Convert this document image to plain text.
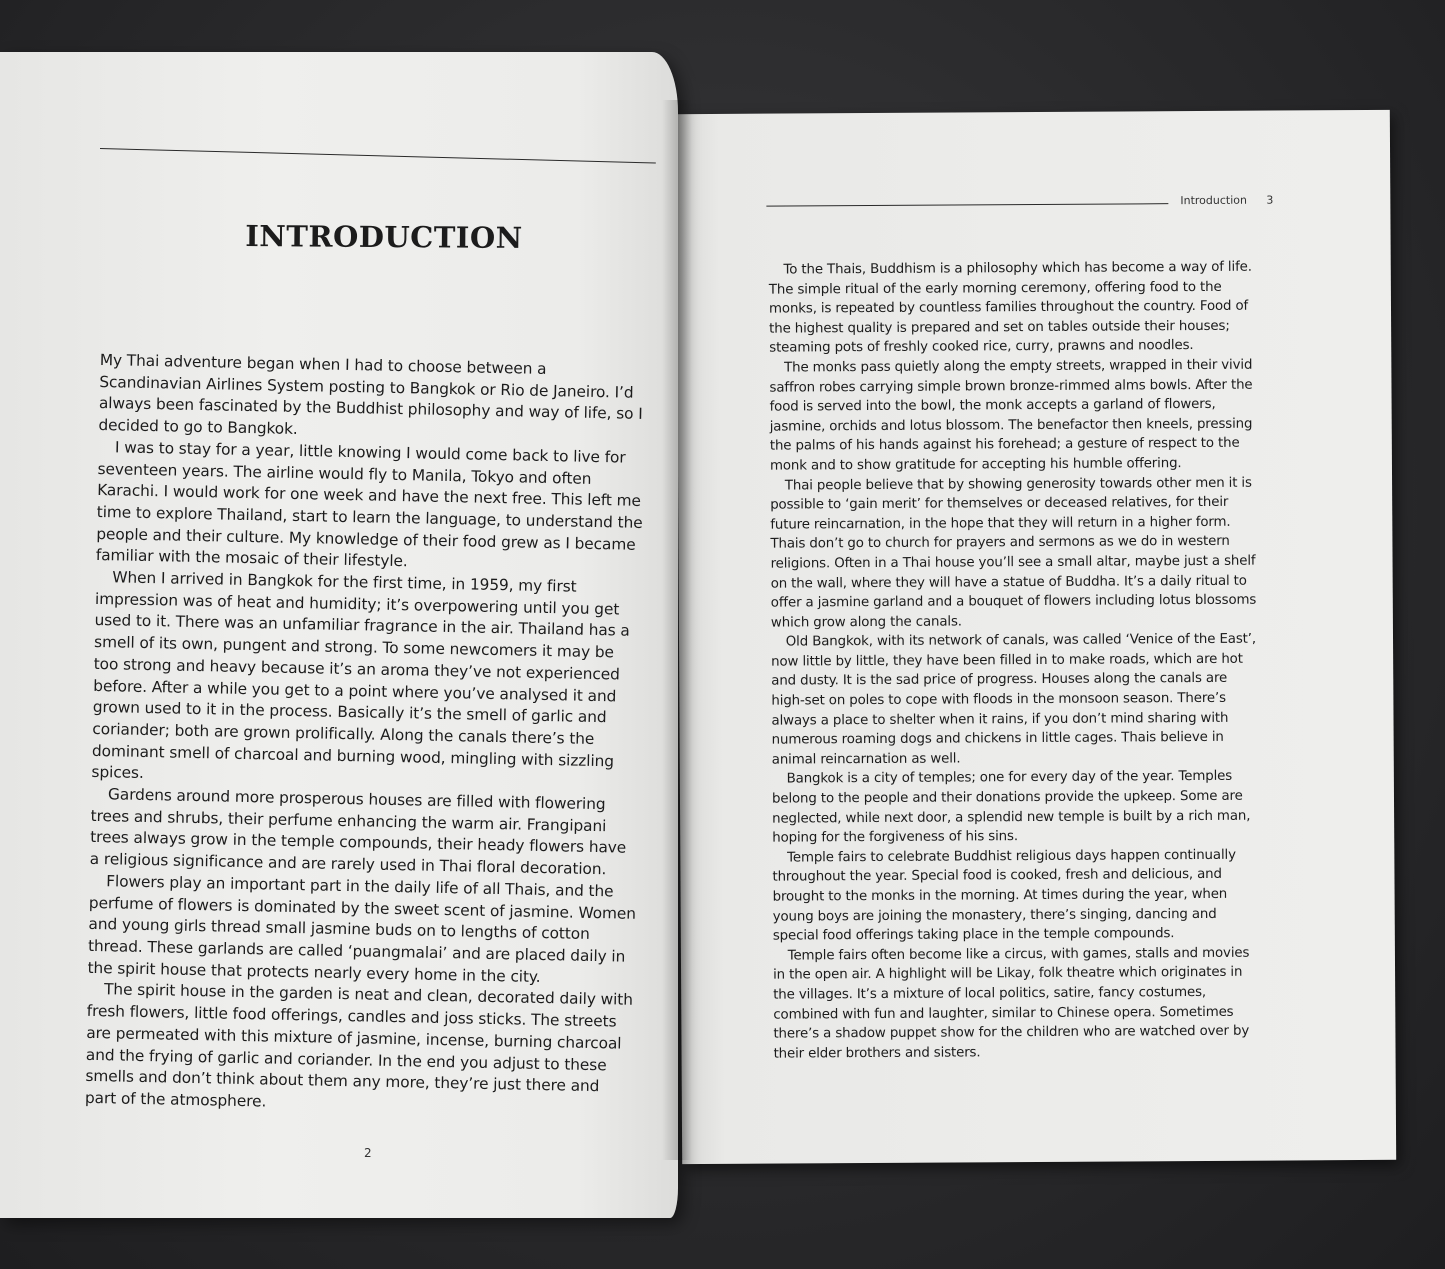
Introduction 3

To the Thais, Buddhism is a philosophy which has become a way of life. The simple ritual of the early morning ceremony, offering food to the monks, is repeated by countless families throughout the country. Food of the highest quality is prepared and set on tables outside their houses; steaming pots of freshly cooked rice, curry, prawns and noodles.

The monks pass quietly along the empty streets, wrapped in their vivid saffron robes carrying simple brown bronze-rimmed alms bowls. After the food is served into the bowl, the monk accepts a garland of flowers, jasmine, orchids and lotus blossom. The benefactor then kneels, pressing the palms of his hands against his forehead; a gesture of respect to the monk and to show gratitude for accepting his humble offering.

Thai people believe that by showing generosity towards other men it is possible to ‘gain merit’ for themselves or deceased relatives, for their future reincarnation, in the hope that they will return in a higher form. Thais don’t go to church for prayers and sermons as we do in western religions. Often in a Thai house you’ll see a small altar, maybe just a shelf on the wall, where they will have a statue of Buddha. It’s a daily ritual to offer a jasmine garland and a bouquet of flowers including lotus blossoms which grow along the canals.

Old Bangkok, with its network of canals, was called ‘Venice of the East’, now little by little, they have been filled in to make roads, which are hot and dusty. It is the sad price of progress. Houses along the canals are high-set on poles to cope with floods in the monsoon season. There’s always a place to shelter when it rains, if you don’t mind sharing with numerous roaming dogs and chickens in little cages. Thais believe in animal reincarnation as well.

Bangkok is a city of temples; one for every day of the year. Temples belong to the people and their donations provide the upkeep. Some are neglected, while next door, a splendid new temple is built by a rich man, hoping for the forgiveness of his sins.

Temple fairs to celebrate Buddhist religious days happen continually throughout the year. Special food is cooked, fresh and delicious, and brought to the monks in the morning. At times during the year, when young boys are joining the monastery, there’s singing, dancing and special food offerings taking place in the temple compounds.

Temple fairs often become like a circus, with games, stalls and movies in the open air. A highlight will be Likay, folk theatre which originates in the villages. It’s a mixture of local politics, satire, fancy costumes, combined with fun and laughter, similar to Chinese opera. Sometimes there’s a shadow puppet show for the children who are watched over by their elder brothers and sisters.

INTRODUCTION

My Thai adventure began when I had to choose between a Scandinavian Airlines System posting to Bangkok or Rio de Janeiro. I’d always been fascinated by the Buddhist philosophy and way of life, so I decided to go to Bangkok.

I was to stay for a year, little knowing I would come back to live for seventeen years. The airline would fly to Manila, Tokyo and often Karachi. I would work for one week and have the next free. This left me time to explore Thailand, start to learn the language, to understand the people and their culture. My knowledge of their food grew as I became familiar with the mosaic of their lifestyle.

When I arrived in Bangkok for the first time, in 1959, my first impression was of heat and humidity; it’s overpowering until you get used to it. There was an unfamiliar fragrance in the air. Thailand has a smell of its own, pungent and strong. To some newcomers it may be too strong and heavy because it’s an aroma they’ve not experienced before. After a while you get to a point where you’ve analysed it and grown used to it in the process. Basically it’s the smell of garlic and coriander; both are grown prolifically. Along the canals there’s the dominant smell of charcoal and burning wood, mingling with sizzling spices.

Gardens around more prosperous houses are filled with flowering trees and shrubs, their perfume enhancing the warm air. Frangipani trees always grow in the temple compounds, their heady flowers have a religious significance and are rarely used in Thai floral decoration.

Flowers play an important part in the daily life of all Thais, and the perfume of flowers is dominated by the sweet scent of jasmine. Women and young girls thread small jasmine buds on to lengths of cotton thread. These garlands are called ‘puangmalai’ and are placed daily in the spirit house that protects nearly every home in the city.

The spirit house in the garden is neat and clean, decorated daily with fresh flowers, little food offerings, candles and joss sticks. The streets are permeated with this mixture of jasmine, incense, burning charcoal and the frying of garlic and coriander. In the end you adjust to these smells and don’t think about them any more, they’re just there and part of the atmosphere.

2
